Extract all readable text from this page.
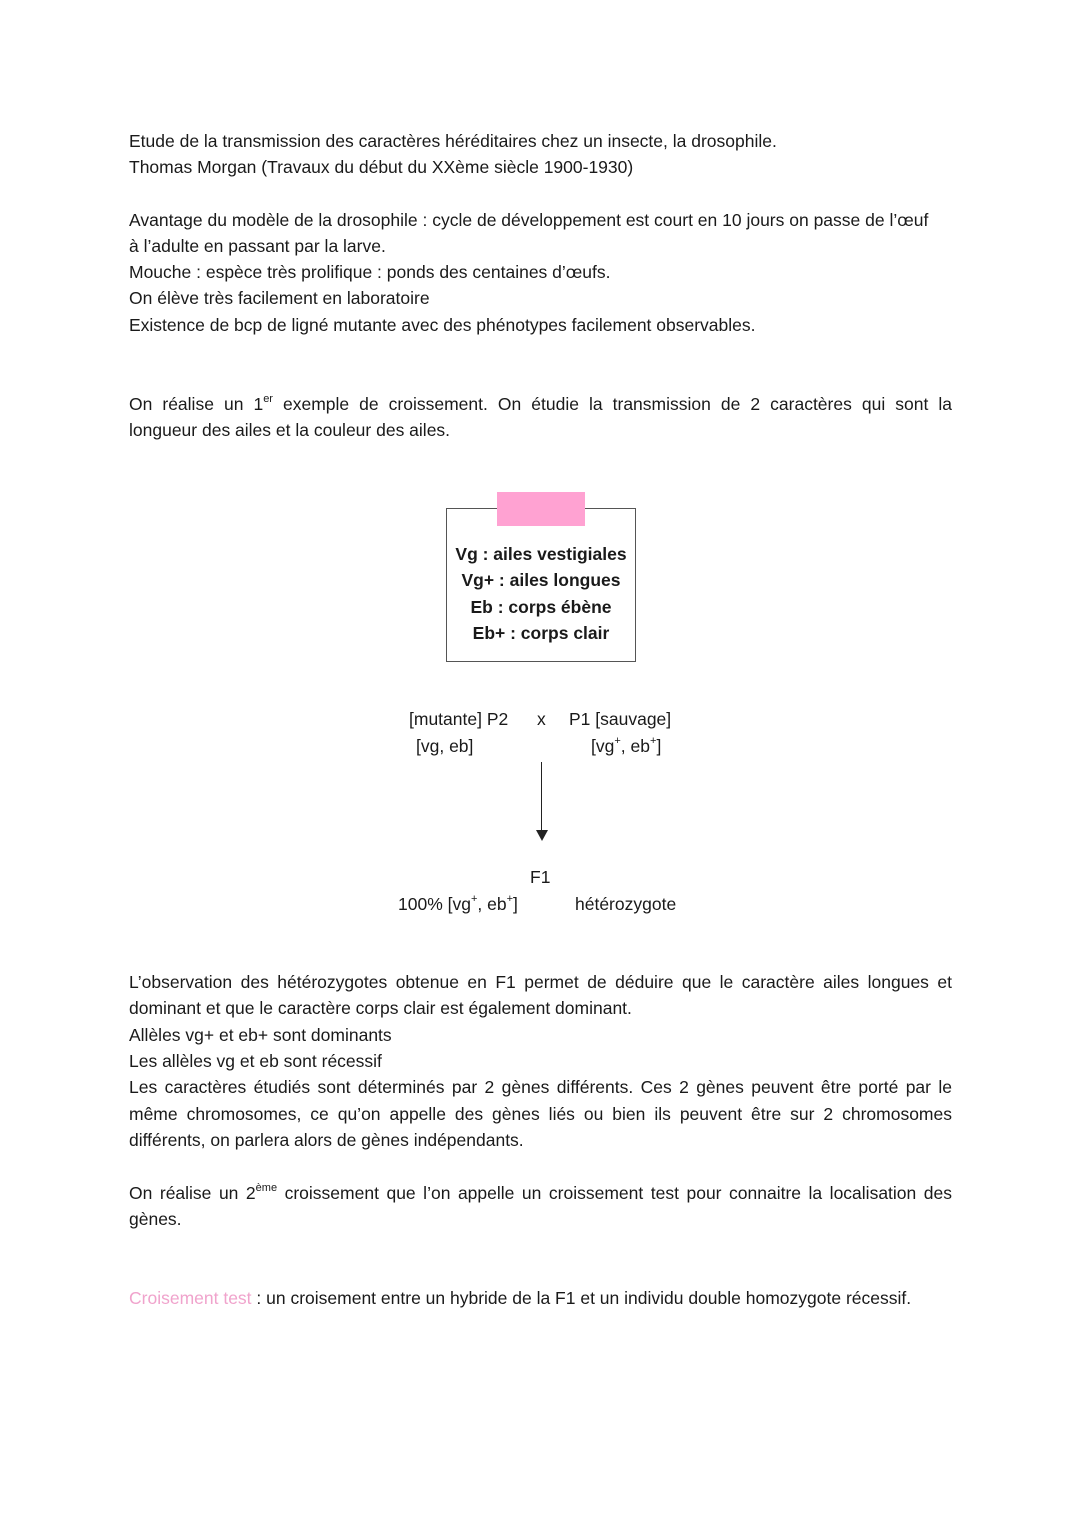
Etude de la transmission des caractères héréditaires chez un insecte, la drosophile.
Thomas Morgan (Travaux du début du XXème siècle 1900-1930)
Avantage du modèle de la drosophile : cycle de développement est court en 10 jours on passe de l’œuf
à l’adulte en passant par la larve.
Mouche : espèce très prolifique : ponds des centaines d’œufs.
On élève très facilement en laboratoire
Existence de bcp de ligné mutante avec des phénotypes facilement observables.
On réalise un 1er exemple de croissement. On étudie la transmission de 2 caractères qui sont la
longueur des ailes et la couleur des ailes.
Vg : ailes vestigiales
Vg+ : ailes longues
Eb : corps ébène
Eb+ : corps clair
[mutante] P2 x P1 [sauvage]
[vg, eb]	[vg+, eb+]
F1
100% [vg+, eb+]	hétérozygote
L’observation des hétérozygotes obtenue en F1 permet de déduire que le caractère ailes longues et
dominant et que le caractère corps clair est également dominant.
Allèles vg+ et eb+ sont dominants
Les allèles vg et eb sont récessif
Les caractères étudiés sont déterminés par 2 gènes différents. Ces 2 gènes peuvent être porté par le
même chromosomes, ce qu’on appelle des gènes liés ou bien ils peuvent être sur 2 chromosomes
différents, on parlera alors de gènes indépendants.
On réalise un 2ème croissement que l’on appelle un croissement test pour connaitre la localisation des
gènes.
Croisement test : un croisement entre un hybride de la F1 et un individu double homozygote récessif.
